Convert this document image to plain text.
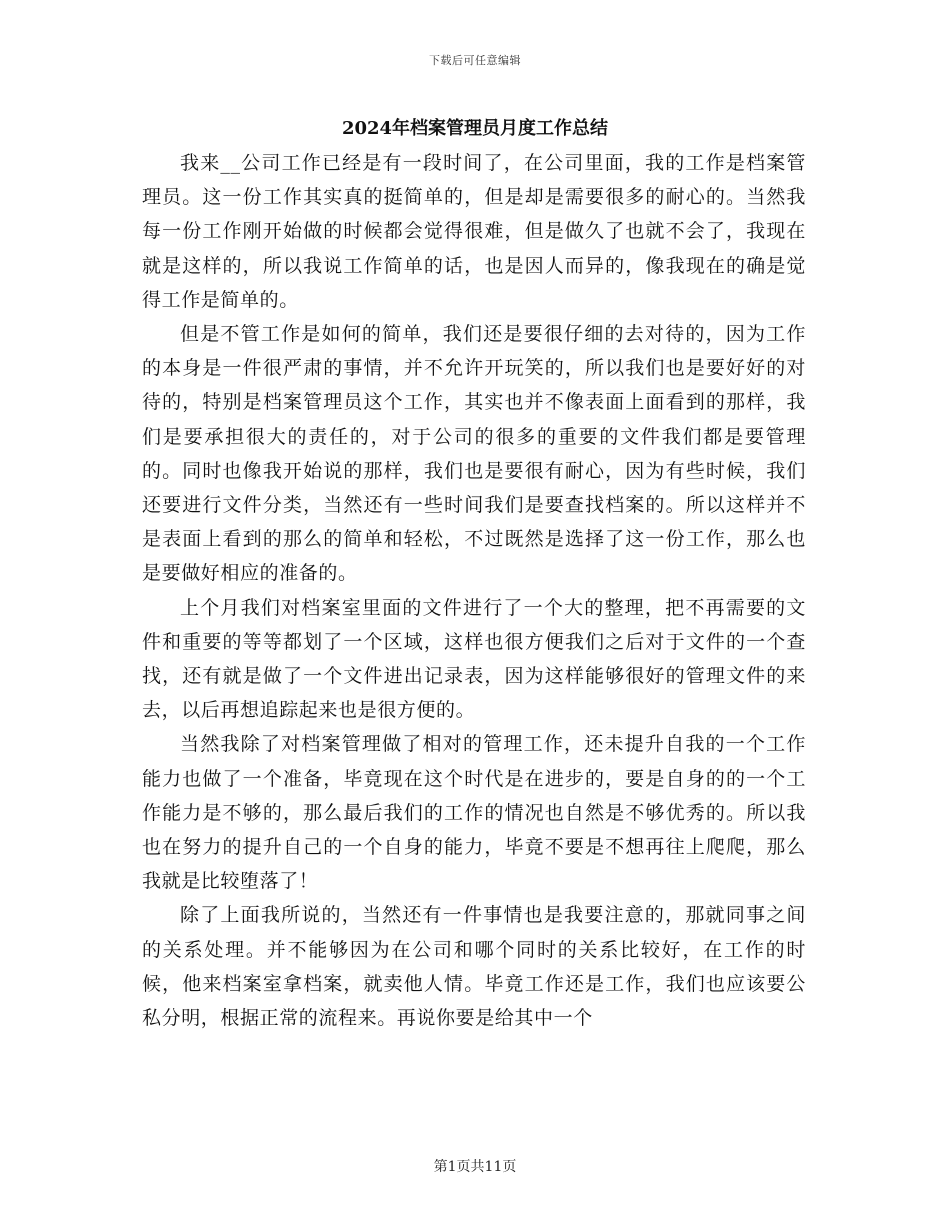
下载后可任意编辑
2024年档案管理员月度工作总结

我来__公司工作已经是有一段时间了，在公司里面，我的工作是档案管理员。这一份工作其实真的挺简单的，但是却是需要很多的耐心的。当然我每一份工作刚开始做的时候都会觉得很难，但是做久了也就不会了，我现在就是这样的，所以我说工作简单的话，也是因人而异的，像我现在的确是觉得工作是简单的。

但是不管工作是如何的简单，我们还是要很仔细的去对待的，因为工作的本身是一件很严肃的事情，并不允许开玩笑的，所以我们也是要好好的对待的，特别是档案管理员这个工作，其实也并不像表面上面看到的那样，我们是要承担很大的责任的，对于公司的很多的重要的文件我们都是要管理的。同时也像我开始说的那样，我们也是要很有耐心，因为有些时候，我们还要进行文件分类，当然还有一些时间我们是要查找档案的。所以这样并不是表面上看到的那么的简单和轻松，不过既然是选择了这一份工作，那么也是要做好相应的准备的。

上个月我们对档案室里面的文件进行了一个大的整理，把不再需要的文件和重要的等等都划了一个区域，这样也很方便我们之后对于文件的一个查找，还有就是做了一个文件进出记录表，因为这样能够很好的管理文件的来去，以后再想追踪起来也是很方便的。

当然我除了对档案管理做了相对的管理工作，还未提升自我的一个工作能力也做了一个准备，毕竟现在这个时代是在进步的，要是自身的的一个工作能力是不够的，那么最后我们的工作的情况也自然是不够优秀的。所以我也在努力的提升自己的一个自身的能力，毕竟不要是不想再往上爬爬，那么我就是比较堕落了！

除了上面我所说的，当然还有一件事情也是我要注意的，那就同事之间的关系处理。并不能够因为在公司和哪个同时的关系比较好，在工作的时候，他来档案室拿档案，就卖他人情。毕竟工作还是工作，我们也应该要公私分明，根据正常的流程来。再说你要是给其中一个

第1页共11页
